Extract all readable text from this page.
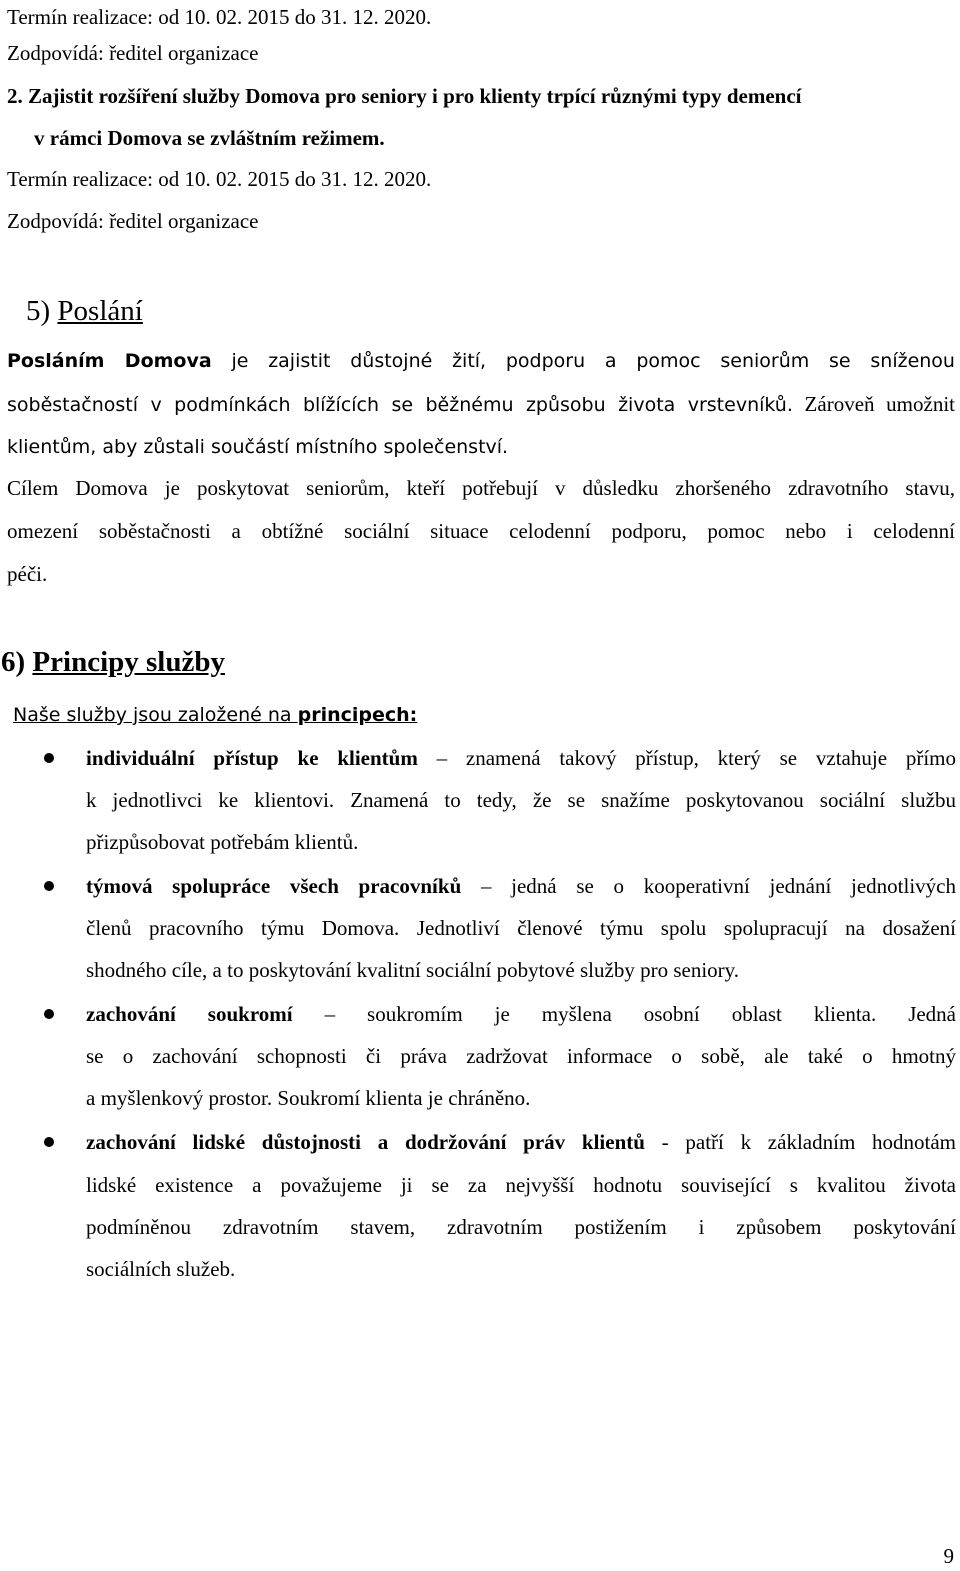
Termín realizace: od 10. 02. 2015 do 31. 12. 2020.
Zodpovídá: ředitel organizace
2. Zajistit rozšíření služby Domova pro seniory i pro klienty trpící různými typy demencí
v rámci Domova se zvláštním režimem.
Termín realizace: od 10. 02. 2015 do 31. 12. 2020.
Zodpovídá: ředitel organizace
5) Poslání
Posláním Domova je zajistit důstojné žití, podporu a pomoc seniorům se sníženou
soběstačností v podmínkách blížících se běžnému způsobu života vrstevníků. Zároveň umožnit
klientům, aby zůstali součástí místního společenství.
Cílem Domova je poskytovat seniorům, kteří potřebují v důsledku zhoršeného zdravotního stavu,
omezení soběstačnosti a obtížné sociální situace celodenní podporu, pomoc nebo i celodenní
péči.
6) Principy služby
Naše služby jsou založené na principech:
individuální přístup ke klientům – znamená takový přístup, který se vztahuje přímo
k jednotlivci ke klientovi. Znamená to tedy, že se snažíme poskytovanou sociální službu
přizpůsobovat potřebám klientů.
týmová spolupráce všech pracovníků – jedná se o kooperativní jednání jednotlivých
členů pracovního týmu Domova. Jednotliví členové týmu spolu spolupracují na dosažení
shodného cíle, a to poskytování kvalitní sociální pobytové služby pro seniory.
zachování soukromí – soukromím je myšlena osobní oblast klienta. Jedná
se o zachování schopnosti či práva zadržovat informace o sobě, ale také o hmotný
a myšlenkový prostor. Soukromí klienta je chráněno.
zachování lidské důstojnosti a dodržování práv klientů - patří k základním hodnotám
lidské existence a považujeme ji se za nejvyšší hodnotu související s kvalitou života
podmíněnou zdravotním stavem, zdravotním postižením i způsobem poskytování
sociálních služeb.
9
